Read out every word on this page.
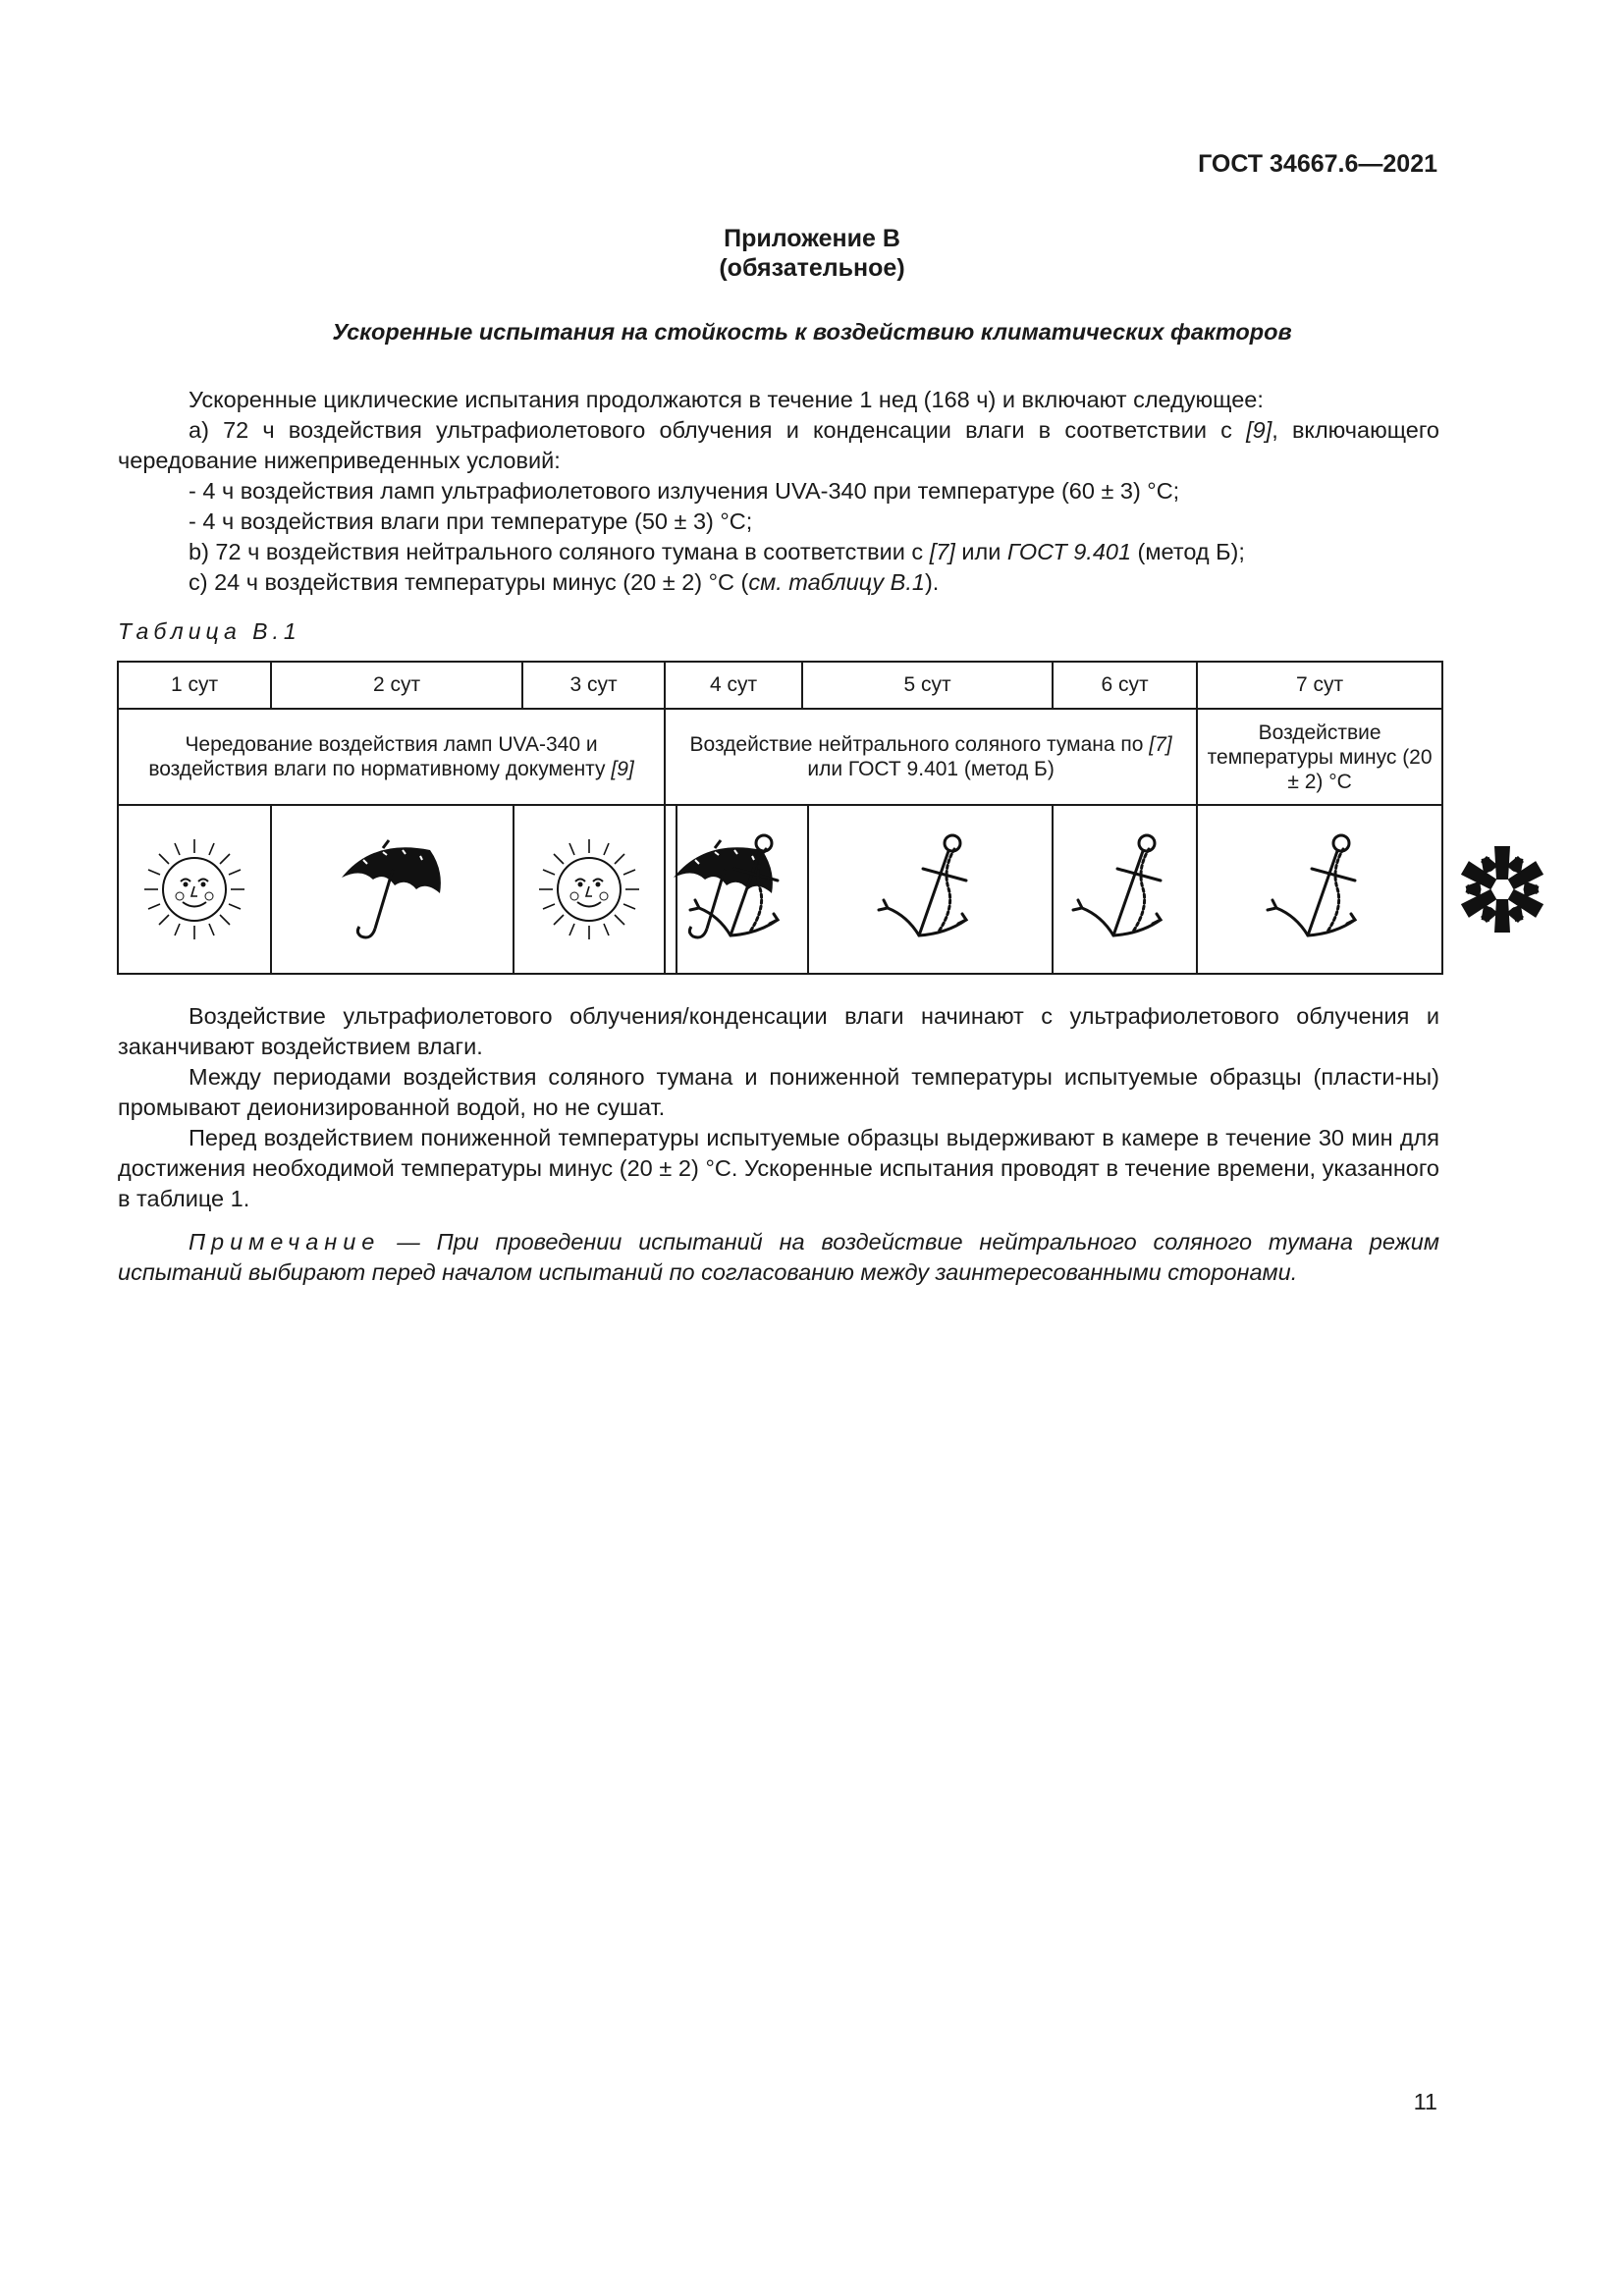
ГОСТ 34667.6—2021
Приложение В
(обязательное)
Ускоренные испытания на стойкость к воздействию климатических факторов

Ускоренные циклические испытания продолжаются в течение 1 нед (168 ч) и включают следующее:

a) 72 ч воздействия ультрафиолетового облучения и конденсации влаги в соответствии с [9], включающего чередование нижеприведенных условий:

- 4 ч воздействия ламп ультрафиолетового излучения UVA-340 при температуре (60 ± 3) °С;

- 4 ч воздействия влаги при температуре (50 ± 3) °С;

b) 72 ч воздействия нейтрального соляного тумана в соответствии с [7] или ГОСТ 9.401 (метод Б);

c) 24 ч воздействия температуры минус (20 ± 2) °С (см. таблицу В.1).

Таблица В.1
1 сут	2 сут		3 сут	4 сут		5 сут		6 сут	7 сут	
Чередование воздействия ламп UVA-340 и воздействия влаги по нормативному документу [9]				Воздействие нейтрального соляного тумана по [7] или ГОСТ 9.401 (метод Б)					Воздействие температуры минус (20 ± 2) °С	

Воздействие ультрафиолетового облучения/конденсации влаги начинают с ультрафиолетового облучения и заканчивают воздействием влаги.

Между периодами воздействия соляного тумана и пониженной температуры испытуемые образцы (пласти-ны) промывают деионизированной водой, но не сушат.

Перед воздействием пониженной температуры испытуемые образцы выдерживают в камере в течение 30 мин для достижения необходимой температуры минус (20 ± 2) °С. Ускоренные испытания проводят в течение времени, указанного в таблице 1.

Примечание — При проведении испытаний на воздействие нейтрального соляного тумана режим испытаний выбирают перед началом испытаний по согласованию между заинтересованными сторонами.

11
